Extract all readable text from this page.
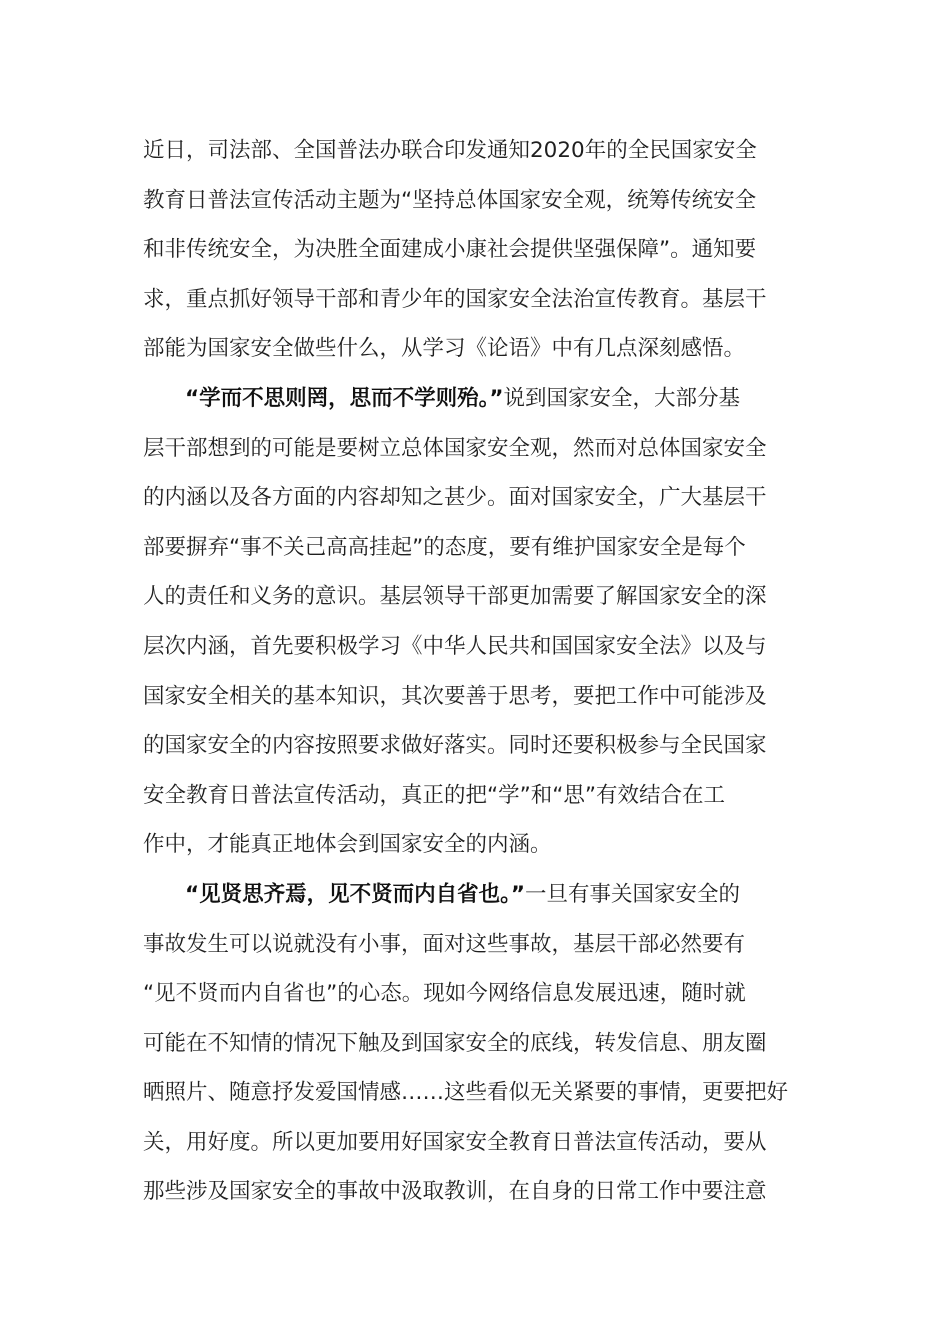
近日，司法部、全国普法办联合印发通知2020年的全民国家安全
教育日普法宣传活动主题为“坚持总体国家安全观，统筹传统安全
和非传统安全，为决胜全面建成小康社会提供坚强保障”。通知要
求，重点抓好领导干部和青少年的国家安全法治宣传教育。基层干
部能为国家安全做些什么，从学习《论语》中有几点深刻感悟。
“学而不思则罔，思而不学则殆。”说到国家安全，大部分基
层干部想到的可能是要树立总体国家安全观，然而对总体国家安全
的内涵以及各方面的内容却知之甚少。面对国家安全，广大基层干
部要摒弃“事不关己高高挂起”的态度，要有维护国家安全是每个
人的责任和义务的意识。基层领导干部更加需要了解国家安全的深
层次内涵，首先要积极学习《中华人民共和国国家安全法》以及与
国家安全相关的基本知识，其次要善于思考，要把工作中可能涉及
的国家安全的内容按照要求做好落实。同时还要积极参与全民国家
安全教育日普法宣传活动，真正的把“学”和“思”有效结合在工
作中，才能真正地体会到国家安全的内涵。
“见贤思齐焉，见不贤而内自省也。”一旦有事关国家安全的
事故发生可以说就没有小事，面对这些事故，基层干部必然要有
“见不贤而内自省也”的心态。现如今网络信息发展迅速，随时就
可能在不知情的情况下触及到国家安全的底线，转发信息、朋友圈
晒照片、随意抒发爱国情感……这些看似无关紧要的事情，更要把好
关，用好度。所以更加要用好国家安全教育日普法宣传活动，要从
那些涉及国家安全的事故中汲取教训，在自身的日常工作中要注意
